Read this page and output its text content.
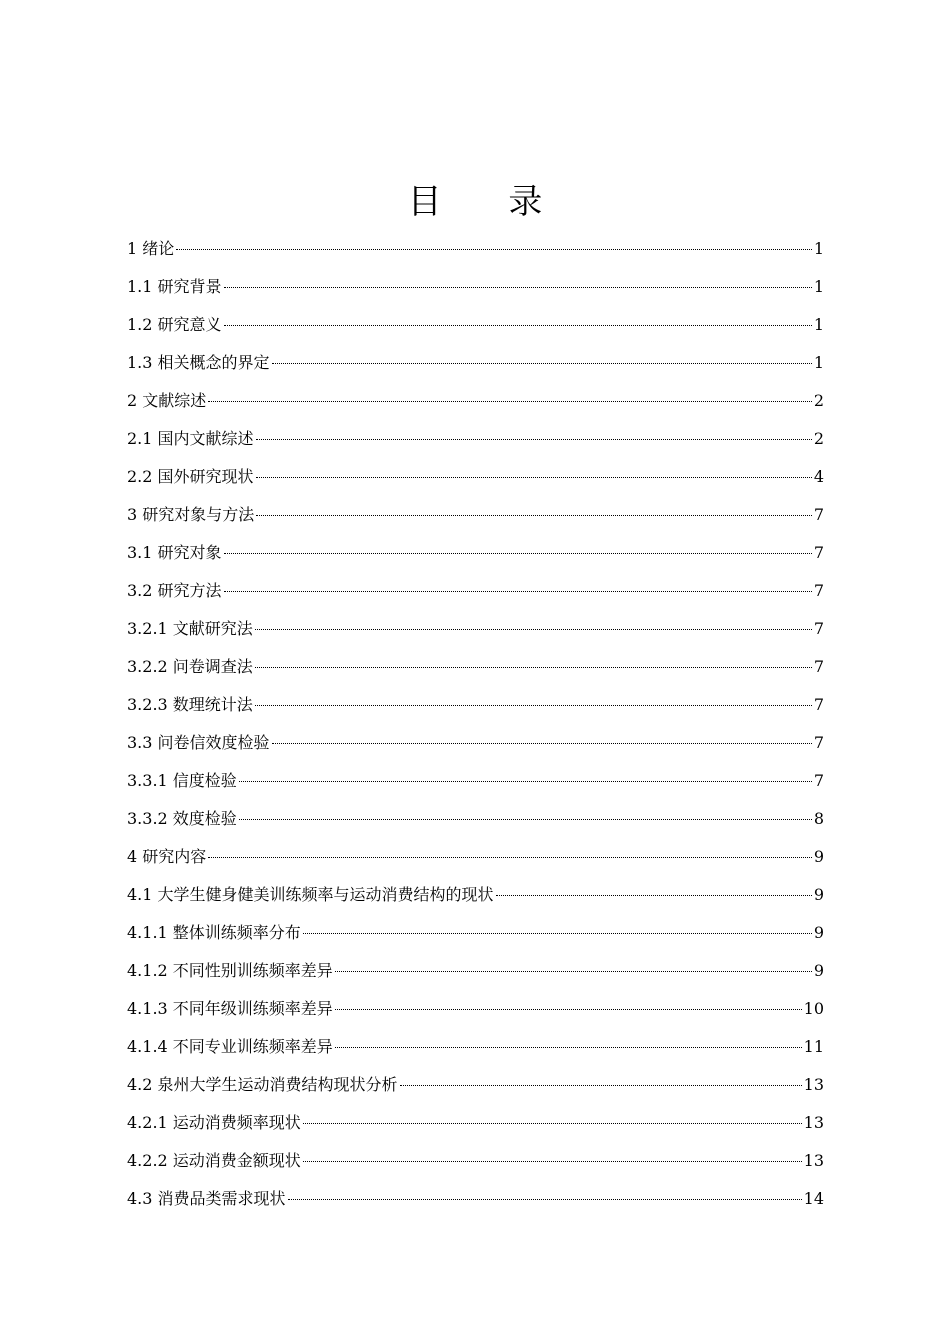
目 录
1 绪论	1
1.1 研究背景	1
1.2 研究意义	1
1.3 相关概念的界定	1
2 文献综述	2
2.1 国内文献综述	2
2.2 国外研究现状	4
3 研究对象与方法	7
3.1 研究对象	7
3.2 研究方法	7
3.2.1 文献研究法	7
3.2.2 问卷调查法	7
3.2.3 数理统计法	7
3.3 问卷信效度检验	7
3.3.1 信度检验	7
3.3.2 效度检验	8
4 研究内容	9
4.1 大学生健身健美训练频率与运动消费结构的现状	9
4.1.1 整体训练频率分布	9
4.1.2 不同性别训练频率差异	9
4.1.3 不同年级训练频率差异	10
4.1.4 不同专业训练频率差异	11
4.2 泉州大学生运动消费结构现状分析	13
4.2.1 运动消费频率现状	13
4.2.2 运动消费金额现状	13
4.3 消费品类需求现状	14
